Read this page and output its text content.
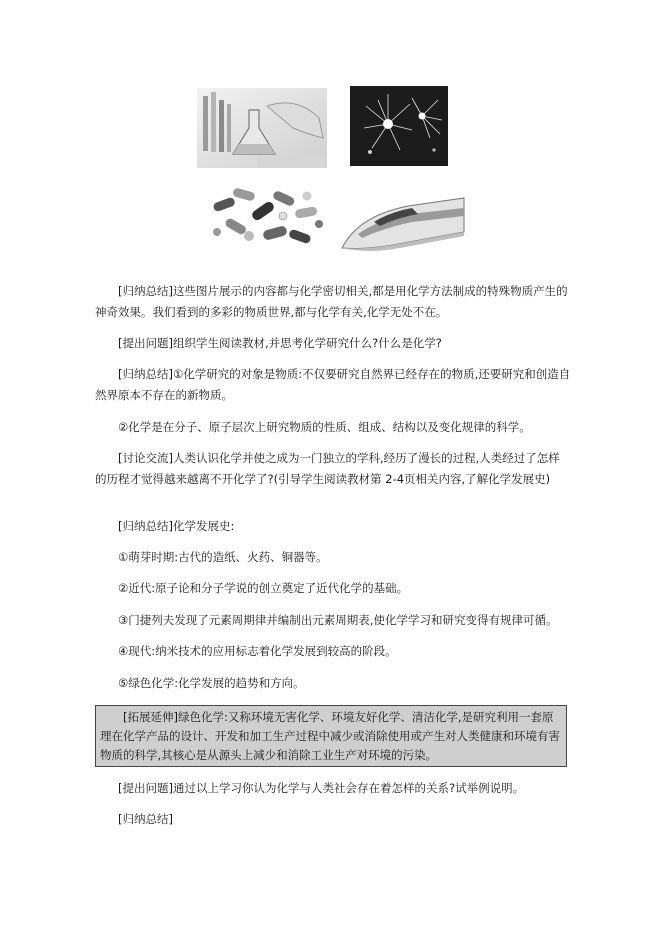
[归纳总结]这些图片展示的内容都与化学密切相关,都是用化学方法制成的特殊物质产生的神奇效果。我们看到的多彩的物质世界,都与化学有关,化学无处不在。

[提出问题]组织学生阅读教材,并思考化学研究什么?什么是化学?

[归纳总结]①化学研究的对象是物质:不仅要研究自然界已经存在的物质,还要研究和创造自然界原本不存在的新物质。

②化学是在分子、原子层次上研究物质的性质、组成、结构以及变化规律的科学。

[讨论交流]人类认识化学并使之成为一门独立的学科,经历了漫长的过程,人类经过了怎样的历程才觉得越来越离不开化学了?(引导学生阅读教材第 2-4页相关内容,了解化学发展史)

[归纳总结]化学发展史:

①萌芽时期:古代的造纸、火药、铜器等。

②近代:原子论和分子学说的创立奠定了近代化学的基础。

③门捷列夫发现了元素周期律并编制出元素周期表,使化学学习和研究变得有规律可循。

④现代:纳米技术的应用标志着化学发展到较高的阶段。

⑤绿色化学:化学发展的趋势和方向。

[拓展延伸]绿色化学:又称环境无害化学、环境友好化学、清洁化学,是研究利用一套原理在化学产品的设计、开发和加工生产过程中减少或消除使用或产生对人类健康和环境有害物质的科学,其核心是从源头上减少和消除工业生产对环境的污染。

[提出问题]通过以上学习你认为化学与人类社会存在着怎样的关系?试举例说明。

[归纳总结]
